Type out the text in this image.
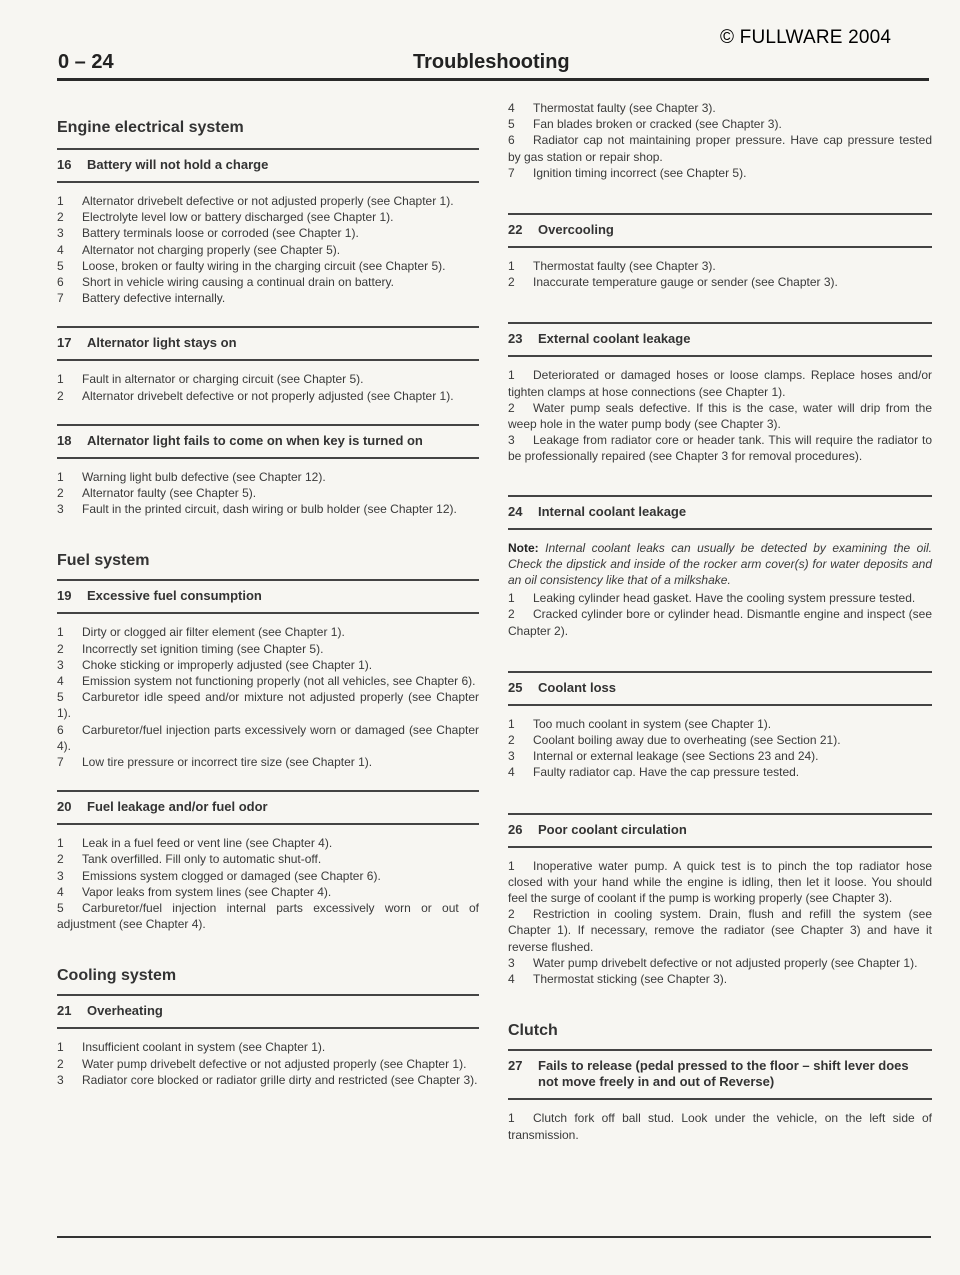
© FULLWARE 2004
0 – 24	Troubleshooting
Engine electrical system
16	Battery will not hold a charge

1 Alternator drivebelt defective or not adjusted properly (see Chapter 1).

2 Electrolyte level low or battery discharged (see Chapter 1).

3 Battery terminals loose or corroded (see Chapter 1).

4 Alternator not charging properly (see Chapter 5).

5 Loose, broken or faulty wiring in the charging circuit (see Chapter 5).

6 Short in vehicle wiring causing a continual drain on battery.

7 Battery defective internally.

17	Alternator light stays on

1 Fault in alternator or charging circuit (see Chapter 5).

2 Alternator drivebelt defective or not properly adjusted (see Chapter 1).

18	Alternator light fails to come on when key is turned on

1 Warning light bulb defective (see Chapter 12).

2 Alternator faulty (see Chapter 5).

3 Fault in the printed circuit, dash wiring or bulb holder (see Chapter 12).

Fuel system
19	Excessive fuel consumption

1 Dirty or clogged air filter element (see Chapter 1).

2 Incorrectly set ignition timing (see Chapter 5).

3 Choke sticking or improperly adjusted (see Chapter 1).

4 Emission system not functioning properly (not all vehicles, see Chapter 6).

5 Carburetor idle speed and/or mixture not adjusted properly (see Chapter 1).

6 Carburetor/fuel injection parts excessively worn or damaged (see Chapter 4).

7 Low tire pressure or incorrect tire size (see Chapter 1).

20	Fuel leakage and/or fuel odor

1 Leak in a fuel feed or vent line (see Chapter 4).

2 Tank overfilled. Fill only to automatic shut-off.

3 Emissions system clogged or damaged (see Chapter 6).

4 Vapor leaks from system lines (see Chapter 4).

5 Carburetor/fuel injection internal parts excessively worn or out of adjustment (see Chapter 4).

Cooling system
21	Overheating

1 Insufficient coolant in system (see Chapter 1).

2 Water pump drivebelt defective or not adjusted properly (see Chapter 1).

3 Radiator core blocked or radiator grille dirty and restricted (see Chapter 3).

4 Thermostat faulty (see Chapter 3).

5 Fan blades broken or cracked (see Chapter 3).

6 Radiator cap not maintaining proper pressure. Have cap pressure tested by gas station or repair shop.

7 Ignition timing incorrect (see Chapter 5).

22	Overcooling

1 Thermostat faulty (see Chapter 3).

2 Inaccurate temperature gauge or sender (see Chapter 3).

23	External coolant leakage

1 Deteriorated or damaged hoses or loose clamps. Replace hoses and/or tighten clamps at hose connections (see Chapter 1).

2 Water pump seals defective. If this is the case, water will drip from the weep hole in the water pump body (see Chapter 3).

3 Leakage from radiator core or header tank. This will require the radiator to be professionally repaired (see Chapter 3 for removal procedures).

24	Internal coolant leakage
Note: Internal coolant leaks can usually be detected by examining the oil. Check the dipstick and inside of the rocker arm cover(s) for water deposits and an oil consistency like that of a milkshake.

1 Leaking cylinder head gasket. Have the cooling system pressure tested.

2 Cracked cylinder bore or cylinder head. Dismantle engine and inspect (see Chapter 2).

25	Coolant loss

1 Too much coolant in system (see Chapter 1).

2 Coolant boiling away due to overheating (see Section 21).

3 Internal or external leakage (see Sections 23 and 24).

4 Faulty radiator cap. Have the cap pressure tested.

26	Poor coolant circulation

1 Inoperative water pump. A quick test is to pinch the top radiator hose closed with your hand while the engine is idling, then let it loose. You should feel the surge of coolant if the pump is working properly (see Chapter 3).

2 Restriction in cooling system. Drain, flush and refill the system (see Chapter 1). If necessary, remove the radiator (see Chapter 3) and have it reverse flushed.

3 Water pump drivebelt defective or not adjusted properly (see Chapter 1).

4 Thermostat sticking (see Chapter 3).

Clutch
27	Fails to release (pedal pressed to the floor – shift lever does not move freely in and out of Reverse)

1 Clutch fork off ball stud. Look under the vehicle, on the left side of transmission.
